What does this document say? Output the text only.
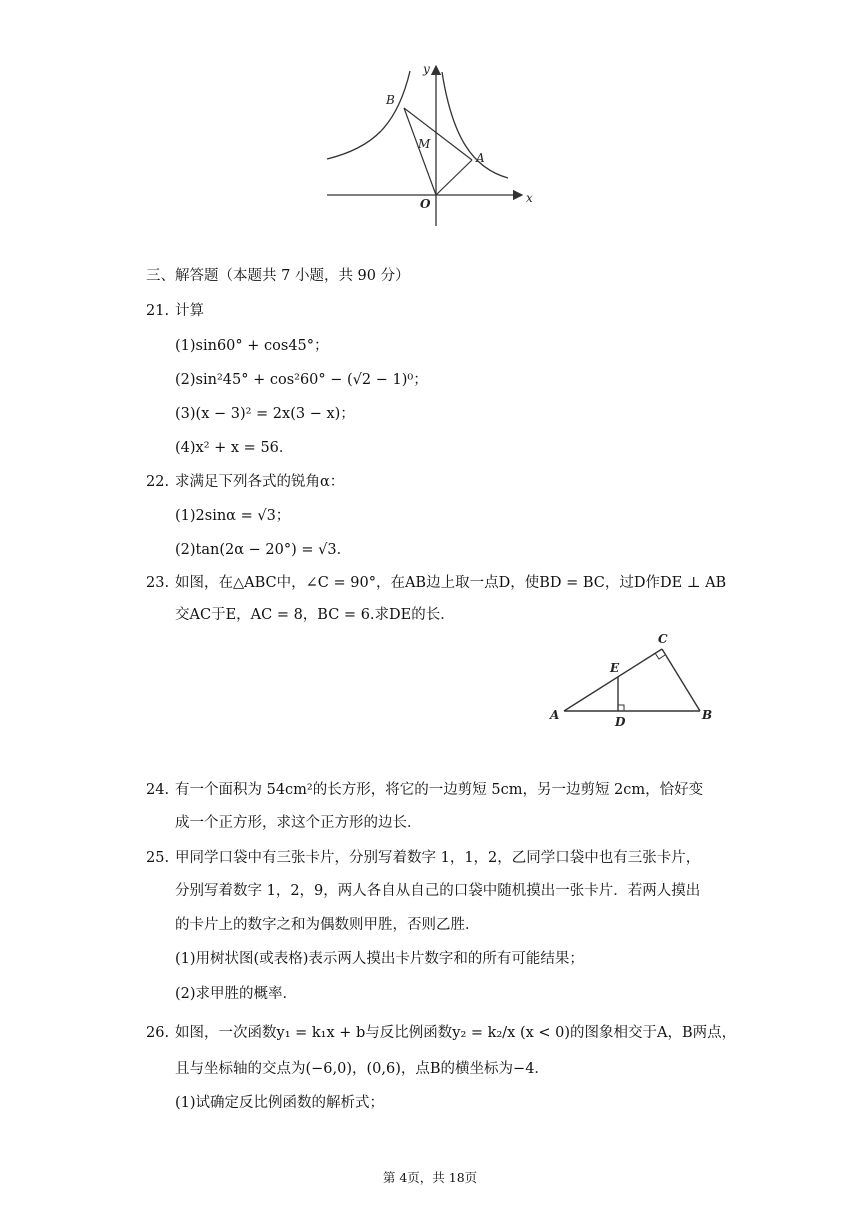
y
x
B
M
A
O
三、解答题（本题共 7 小题，共 90 分）
21. 计算
(1)sin60° + cos45°；
(2)sin²45° + cos²60° − (√2 − 1)⁰；
(3)(x − 3)² = 2x(3 − x)；
(4)x² + x = 56．
22. 求满足下列各式的锐角α：
(1)2sinα = √3；
(2)tan(2α − 20°) = √3．
23. 如图，在△ABC中，∠C = 90°，在AB边上取一点D，使BD = BC，过D作DE ⊥ AB
交AC于E，AC = 8，BC = 6.求DE的长．
C
E
A	D	B
24. 有一个面积为 54cm²的长方形，将它的一边剪短 5cm，另一边剪短 2cm，恰好变
成一个正方形，求这个正方形的边长．
25. 甲同学口袋中有三张卡片，分别写着数字 1，1，2，乙同学口袋中也有三张卡片，
分别写着数字 1，2，9，两人各自从自己的口袋中随机摸出一张卡片．若两人摸出
的卡片上的数字之和为偶数则甲胜，否则乙胜．
(1)用树状图(或表格)表示两人摸出卡片数字和的所有可能结果；
(2)求甲胜的概率．
26. 如图，一次函数y₁ = k₁x + b与反比例函数y₂ = k₂/x (x < 0)的图象相交于A，B两点，
且与坐标轴的交点为(−6,0)，(0,6)，点B的横坐标为−4．
(1)试确定反比例函数的解析式；
第 4页，共 18页
